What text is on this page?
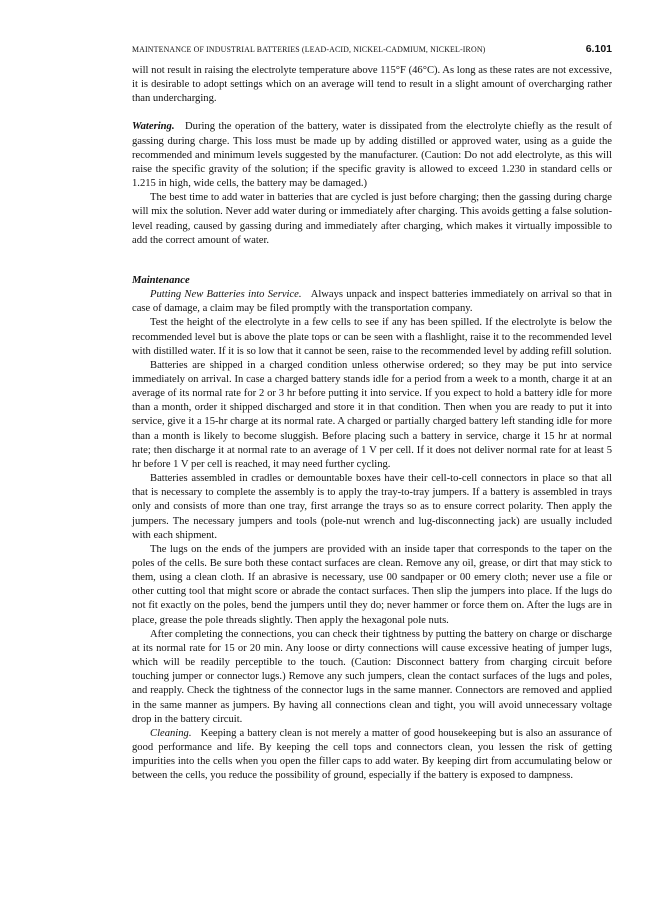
MAINTENANCE OF INDUSTRIAL BATTERIES (LEAD-ACID, NICKEL-CADMIUM, NICKEL-IRON)	6.101

will not result in raising the electrolyte temperature above 115°F (46°C). As long as these rates are not excessive, it is desirable to adopt settings which on an average will tend to result in a slight amount of overcharging rather than undercharging.

Watering. During the operation of the battery, water is dissipated from the electrolyte chiefly as the result of gassing during charge. This loss must be made up by adding distilled or approved water, using as a guide the recommended and minimum levels suggested by the manufacturer. (Caution: Do not add electrolyte, as this will raise the specific gravity of the solution; if the specific gravity is allowed to exceed 1.230 in standard cells or 1.215 in high, wide cells, the battery may be damaged.)

The best time to add water in batteries that are cycled is just before charging; then the gassing during charge will mix the solution. Never add water during or immediately after charging. This avoids getting a false solution-level reading, caused by gassing during and immediately after charging, which makes it virtually impossible to add the correct amount of water.

Maintenance

Putting New Batteries into Service. Always unpack and inspect batteries immediately on arrival so that in case of damage, a claim may be filed promptly with the transportation company.

Test the height of the electrolyte in a few cells to see if any has been spilled. If the electrolyte is below the recommended level but is above the plate tops or can be seen with a flashlight, raise it to the recommended level with distilled water. If it is so low that it cannot be seen, raise to the recommended level by adding refill solution.

Batteries are shipped in a charged condition unless otherwise ordered; so they may be put into service immediately on arrival. In case a charged battery stands idle for a period from a week to a month, charge it at an average of its normal rate for 2 or 3 hr before putting it into service. If you expect to hold a battery idle for more than a month, order it shipped discharged and store it in that condition. Then when you are ready to put it into service, give it a 15-hr charge at its normal rate. A charged or partially charged battery left standing idle for more than a month is likely to become sluggish. Before placing such a battery in service, charge it 15 hr at normal rate; then discharge it at normal rate to an average of 1 V per cell. If it does not deliver normal rate for at least 5 hr before 1 V per cell is reached, it may need further cycling.

Batteries assembled in cradles or demountable boxes have their cell-to-cell connectors in place so that all that is necessary to complete the assembly is to apply the tray-to-tray jumpers. If a battery is assembled in trays only and consists of more than one tray, first arrange the trays so as to ensure correct polarity. Then apply the jumpers. The necessary jumpers and tools (pole-nut wrench and lug-disconnecting jack) are usually included with each shipment.

The lugs on the ends of the jumpers are provided with an inside taper that corresponds to the taper on the poles of the cells. Be sure both these contact surfaces are clean. Remove any oil, grease, or dirt that may stick to them, using a clean cloth. If an abrasive is necessary, use 00 sandpaper or 00 emery cloth; never use a file or other cutting tool that might score or abrade the contact surfaces. Then slip the jumpers into place. If the lugs do not fit exactly on the poles, bend the jumpers until they do; never hammer or force them on. After the lugs are in place, grease the pole threads slightly. Then apply the hexagonal pole nuts.

After completing the connections, you can check their tightness by putting the battery on charge or discharge at its normal rate for 15 or 20 min. Any loose or dirty connections will cause excessive heating of jumper lugs, which will be readily perceptible to the touch. (Caution: Disconnect battery from charging circuit before touching jumper or connector lugs.) Remove any such jumpers, clean the contact surfaces of the lugs and poles, and reapply. Check the tightness of the connector lugs in the same manner. Connectors are removed and applied in the same manner as jumpers. By having all connections clean and tight, you will avoid unnecessary voltage drop in the battery circuit.

Cleaning. Keeping a battery clean is not merely a matter of good housekeeping but is also an assurance of good performance and life. By keeping the cell tops and connectors clean, you lessen the risk of getting impurities into the cells when you open the filler caps to add water. By keeping dirt from accumulating below or between the cells, you reduce the possibility of ground, especially if the battery is exposed to dampness.
